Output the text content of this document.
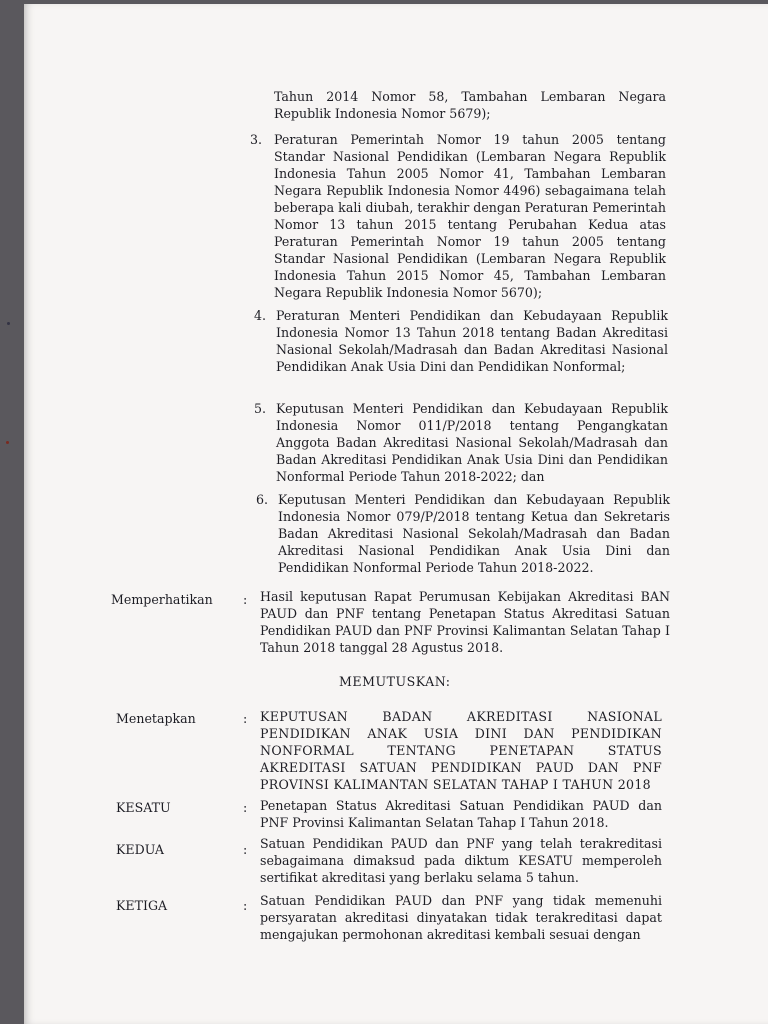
Tahun 2014 Nomor 58, Tambahan Lembaran Negara Republik Indonesia Nomor 5679);
3. Peraturan Pemerintah Nomor 19 tahun 2005 tentang Standar Nasional Pendidikan (Lembaran Negara Republik Indonesia Tahun 2005 Nomor 41, Tambahan Lembaran Negara Republik Indonesia Nomor 4496) sebagaimana telah beberapa kali diubah, terakhir dengan Peraturan Pemerintah Nomor 13 tahun 2015 tentang Perubahan Kedua atas Peraturan Pemerintah Nomor 19 tahun 2005 tentang Standar Nasional Pendidikan (Lembaran Negara Republik Indonesia Tahun 2015 Nomor 45, Tambahan Lembaran Negara Republik Indonesia Nomor 5670);
4. Peraturan Menteri Pendidikan dan Kebudayaan Republik Indonesia Nomor 13 Tahun 2018 tentang Badan Akreditasi Nasional Sekolah/Madrasah dan Badan Akreditasi Nasional Pendidikan Anak Usia Dini dan Pendidikan Nonformal;
5. Keputusan Menteri Pendidikan dan Kebudayaan Republik Indonesia Nomor 011/P/2018 tentang Pengangkatan Anggota Badan Akreditasi Nasional Sekolah/Madrasah dan Badan Akreditasi Pendidikan Anak Usia Dini dan Pendidikan Nonformal Periode Tahun 2018-2022; dan
6. Keputusan Menteri Pendidikan dan Kebudayaan Republik Indonesia Nomor 079/P/2018 tentang Ketua dan Sekretaris Badan Akreditasi Nasional Sekolah/Madrasah dan Badan Akreditasi Nasional Pendidikan Anak Usia Dini dan Pendidikan Nonformal Periode Tahun 2018-2022.
Memperhatikan : Hasil keputusan Rapat Perumusan Kebijakan Akreditasi BAN PAUD dan PNF tentang Penetapan Status Akreditasi Satuan Pendidikan PAUD dan PNF Provinsi Kalimantan Selatan Tahap I Tahun 2018 tanggal 28 Agustus 2018.
MEMUTUSKAN:
Menetapkan	: KEPUTUSAN BADAN AKREDITASI NASIONAL PENDIDIKAN ANAK USIA DINI DAN PENDIDIKAN NONFORMAL TENTANG PENETAPAN STATUS AKREDITASI SATUAN PENDIDIKAN PAUD DAN PNF PROVINSI KALIMANTAN SELATAN TAHAP I TAHUN 2018
KESATU	: Penetapan Status Akreditasi Satuan Pendidikan PAUD dan PNF Provinsi Kalimantan Selatan Tahap I Tahun 2018.
KEDUA	: Satuan Pendidikan PAUD dan PNF yang telah terakreditasi sebagaimana dimaksud pada diktum KESATU memperoleh sertifikat akreditasi yang berlaku selama 5 tahun.
KETIGA	: Satuan Pendidikan PAUD dan PNF yang tidak memenuhi persyaratan akreditasi dinyatakan tidak terakreditasi dapat mengajukan permohonan akreditasi kembali sesuai dengan
